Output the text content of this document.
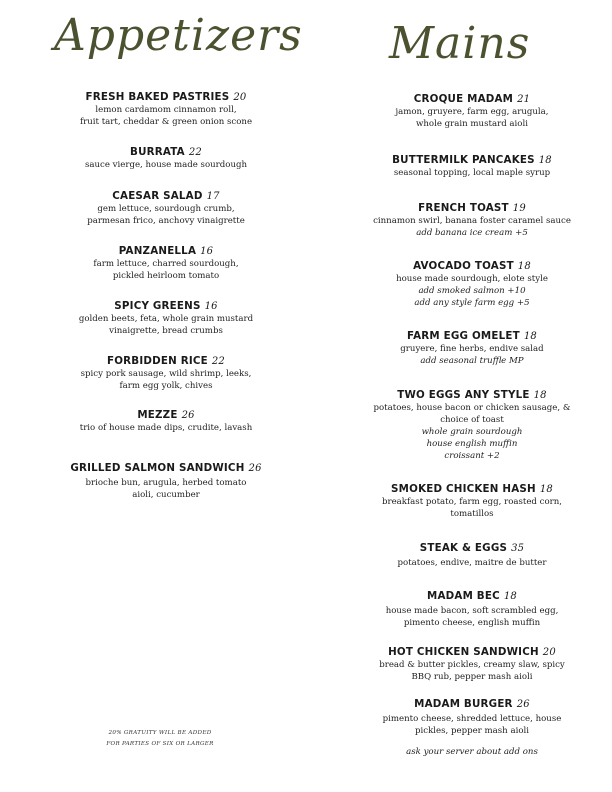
Appetizers
FRESH BAKED PASTRIES 20
lemon cardamom cinnamon roll,
fruit tart, cheddar & green onion scone
BURRATA 22
sauce vierge, house made sourdough
CAESAR SALAD 17
gem lettuce, sourdough crumb,
parmesan frico, anchovy vinaigrette
PANZANELLA 16
farm lettuce, charred sourdough,
pickled heirloom tomato
SPICY GREENS 16
golden beets, feta, whole grain mustard
vinaigrette, bread crumbs
FORBIDDEN RICE 22
spicy pork sausage, wild shrimp, leeks,
farm egg yolk, chives
MEZZE 26
trio of house made dips, crudite, lavash
GRILLED SALMON SANDWICH 26
brioche bun, arugula, herbed tomato
aioli, cucumber
20% GRATUITY WILL BE ADDED
FOR PARTIES OF SIX OR LARGER
Mains
CROQUE MADAM 21
jamon, gruyere, farm egg, arugula,
whole grain mustard aioli
BUTTERMILK PANCAKES 18
seasonal topping, local maple syrup
FRENCH TOAST 19
cinnamon swirl, banana foster caramel sauce
add banana ice cream +5
AVOCADO TOAST 18
house made sourdough, elote style
add smoked salmon +10
add any style farm egg +5
FARM EGG OMELET 18
gruyere, fine herbs, endive salad
add seasonal truffle MP
TWO EGGS ANY STYLE 18
potatoes, house bacon or chicken sausage, &
choice of toast
whole grain sourdough
house english muffin
croissant +2
SMOKED CHICKEN HASH 18
breakfast potato, farm egg, roasted corn,
tomatillos
STEAK & EGGS 35
potatoes, endive, maitre de butter
MADAM BEC 18
house made bacon, soft scrambled egg,
pimento cheese, english muffin
HOT CHICKEN SANDWICH 20
bread & butter pickles, creamy slaw, spicy
BBQ rub, pepper mash aioli
MADAM BURGER 26
pimento cheese, shredded lettuce, house
pickles, pepper mash aioli
ask your server about add ons
